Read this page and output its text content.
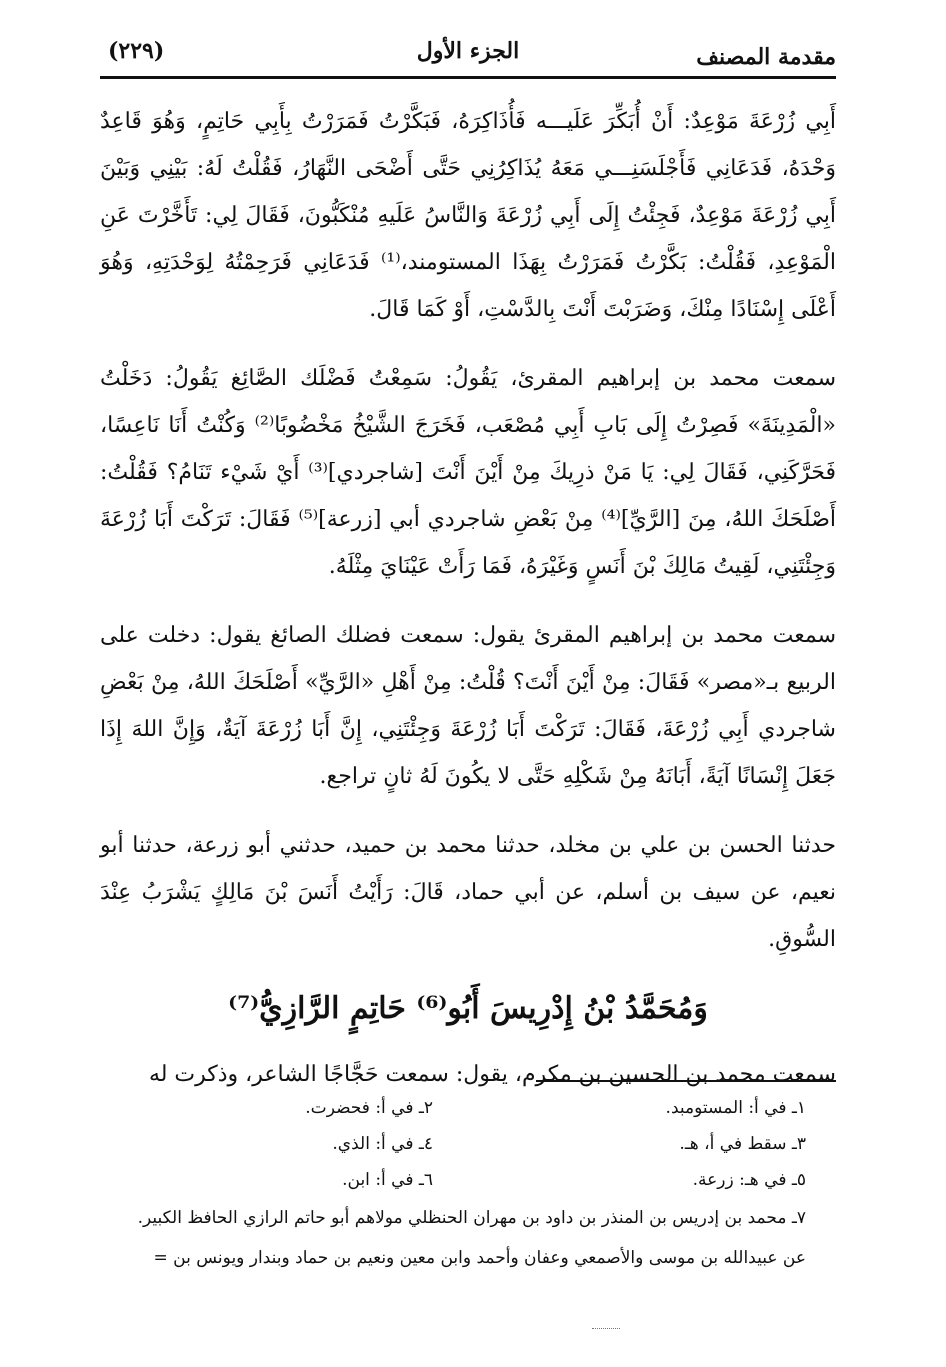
مقدمة المصنف
الجزء الأول
(٢٢٩)

أَبِي زُرْعَةَ مَوْعِدٌ: أَنْ أُبَكِّرَ عَلَيـــه فَأُذَاكِرَهُ، فَبَكَّرْتُ فَمَرَرْتُ بِأَبِي حَاتِمٍ، وَهُوَ قَاعِدٌ وَحْدَهُ، فَدَعَانِي فَأَجْلَسَنِـــي مَعَهُ يُذَاكِرُنِي حَتَّى أَضْحَى النَّهَارُ، فَقُلْتُ لَهُ: بَيْنِي وَبَيْنَ أَبِي زُرْعَةَ مَوْعِدٌ، فَجِئْتُ إِلَى أَبِي زُرْعَةَ وَالنَّاسُ عَلَيهِ مُنْكَبُّونَ، فَقَالَ لِي: تَأَخَّرْتَ عَنِ الْمَوْعِدِ، فَقُلْتُ: بَكَّرْتُ فَمَرَرْتُ بِهَذَا المستومند،⁽¹⁾ فَدَعَانِي فَرَحِمْتُهُ لِوَحْدَتِهِ، وَهُوَ أَعْلَى إِسْنَادًا مِنْكَ، وَضَرَبْتَ أَنْتَ بِالدَّسْتِ، أَوْ كَمَا قَالَ.

سمعت محمد بن إبراهيم المقرئ، يَقُولُ: سَمِعْتُ فَضْلَك الصَّائِغ يَقُولُ: دَخَلْتُ «الْمَدِينَةَ» فَصِرْتُ إِلَى بَابِ أَبِي مُصْعَب، فَخَرَجَ الشَّيْخُ مَخْضُوبًا⁽²⁾ وَكُنْتُ أَنَا نَاعِسًا، فَحَرَّكَنِي، فَقَالَ لِي: يَا مَنْ ذرِيكَ مِنْ أَيْنَ أَنْتَ [شاجردي]⁽³⁾ أَيْ شَيْء تَنَامُ؟ فَقُلْتُ: أَصْلَحَكَ اللهُ، مِنَ [الرَّيِّ]⁽⁴⁾ مِنْ بَعْضِ شاجردي أبي [زرعة]⁽⁵⁾ فَقَالَ: تَرَكْتَ أَبَا زُرْعَةَ وَجِئْتَنِي، لَقِيتُ مَالِكَ بْنَ أَنَسٍ وَغَيْرَهُ، فَمَا رَأَتْ عَيْنَايَ مِثْلَهُ.

سمعت محمد بن إبراهيم المقرئ يقول: سمعت فضلك الصائغ يقول: دخلت على الربيع بـ«مصر» فَقَالَ: مِنْ أَيْنَ أَنْتَ؟ قُلْتُ: مِنْ أَهْلِ «الرَّيِّ» أَصْلَحَكَ اللهُ، مِنْ بَعْضِ شاجردي أَبِي زُرْعَةَ، فَقَالَ: تَرَكْتَ أَبَا زُرْعَةَ وَجِئْتَنِي، إِنَّ أَبَا زُرْعَةَ آيَةٌ، وَإِنَّ اللهَ إِذَا جَعَلَ إِنْسَانًا آيَةً، أَبَانَهُ مِنْ شَكْلِهِ حَتَّى لا يكُونَ لَهُ ثانٍ تراجع.

حدثنا الحسن بن علي بن مخلد، حدثنا محمد بن حميد، حدثني أبو زرعة، حدثنا أبو نعيم، عن سيف بن أسلم، عن أبي حماد، قَالَ: رَأَيْتُ أَنَسَ بْنَ مَالِكٍ يَشْرَبُ عِنْدَ السُّوقِ.

وَمُحَمَّدُ بْنُ إِدْرِيسَ أَبُو⁽⁶⁾ حَاتِمٍ الرَّازِيُّ⁽⁷⁾

سمعت محمد بن الحسين بن مكرم، يقول: سمعت حَجَّاجًا الشاعر، وذكرت له

١ـ في أ: المستومبد.
٢ـ في أ: فحضرت.
٣ـ سقط في أ، هـ.
٤ـ في أ: الذي.
٥ـ في هـ: زرعة.
٦ـ في أ: ابن.
٧ـ محمد بن إدريس بن المنذر بن داود بن مهران الحنظلي مولاهم أبو حاتم الرازي الحافظ الكبير.
عن عبيدالله بن موسى والأصمعي وعفان وأحمد وابن معين ونعيم بن حماد وبندار ويونس بن =
